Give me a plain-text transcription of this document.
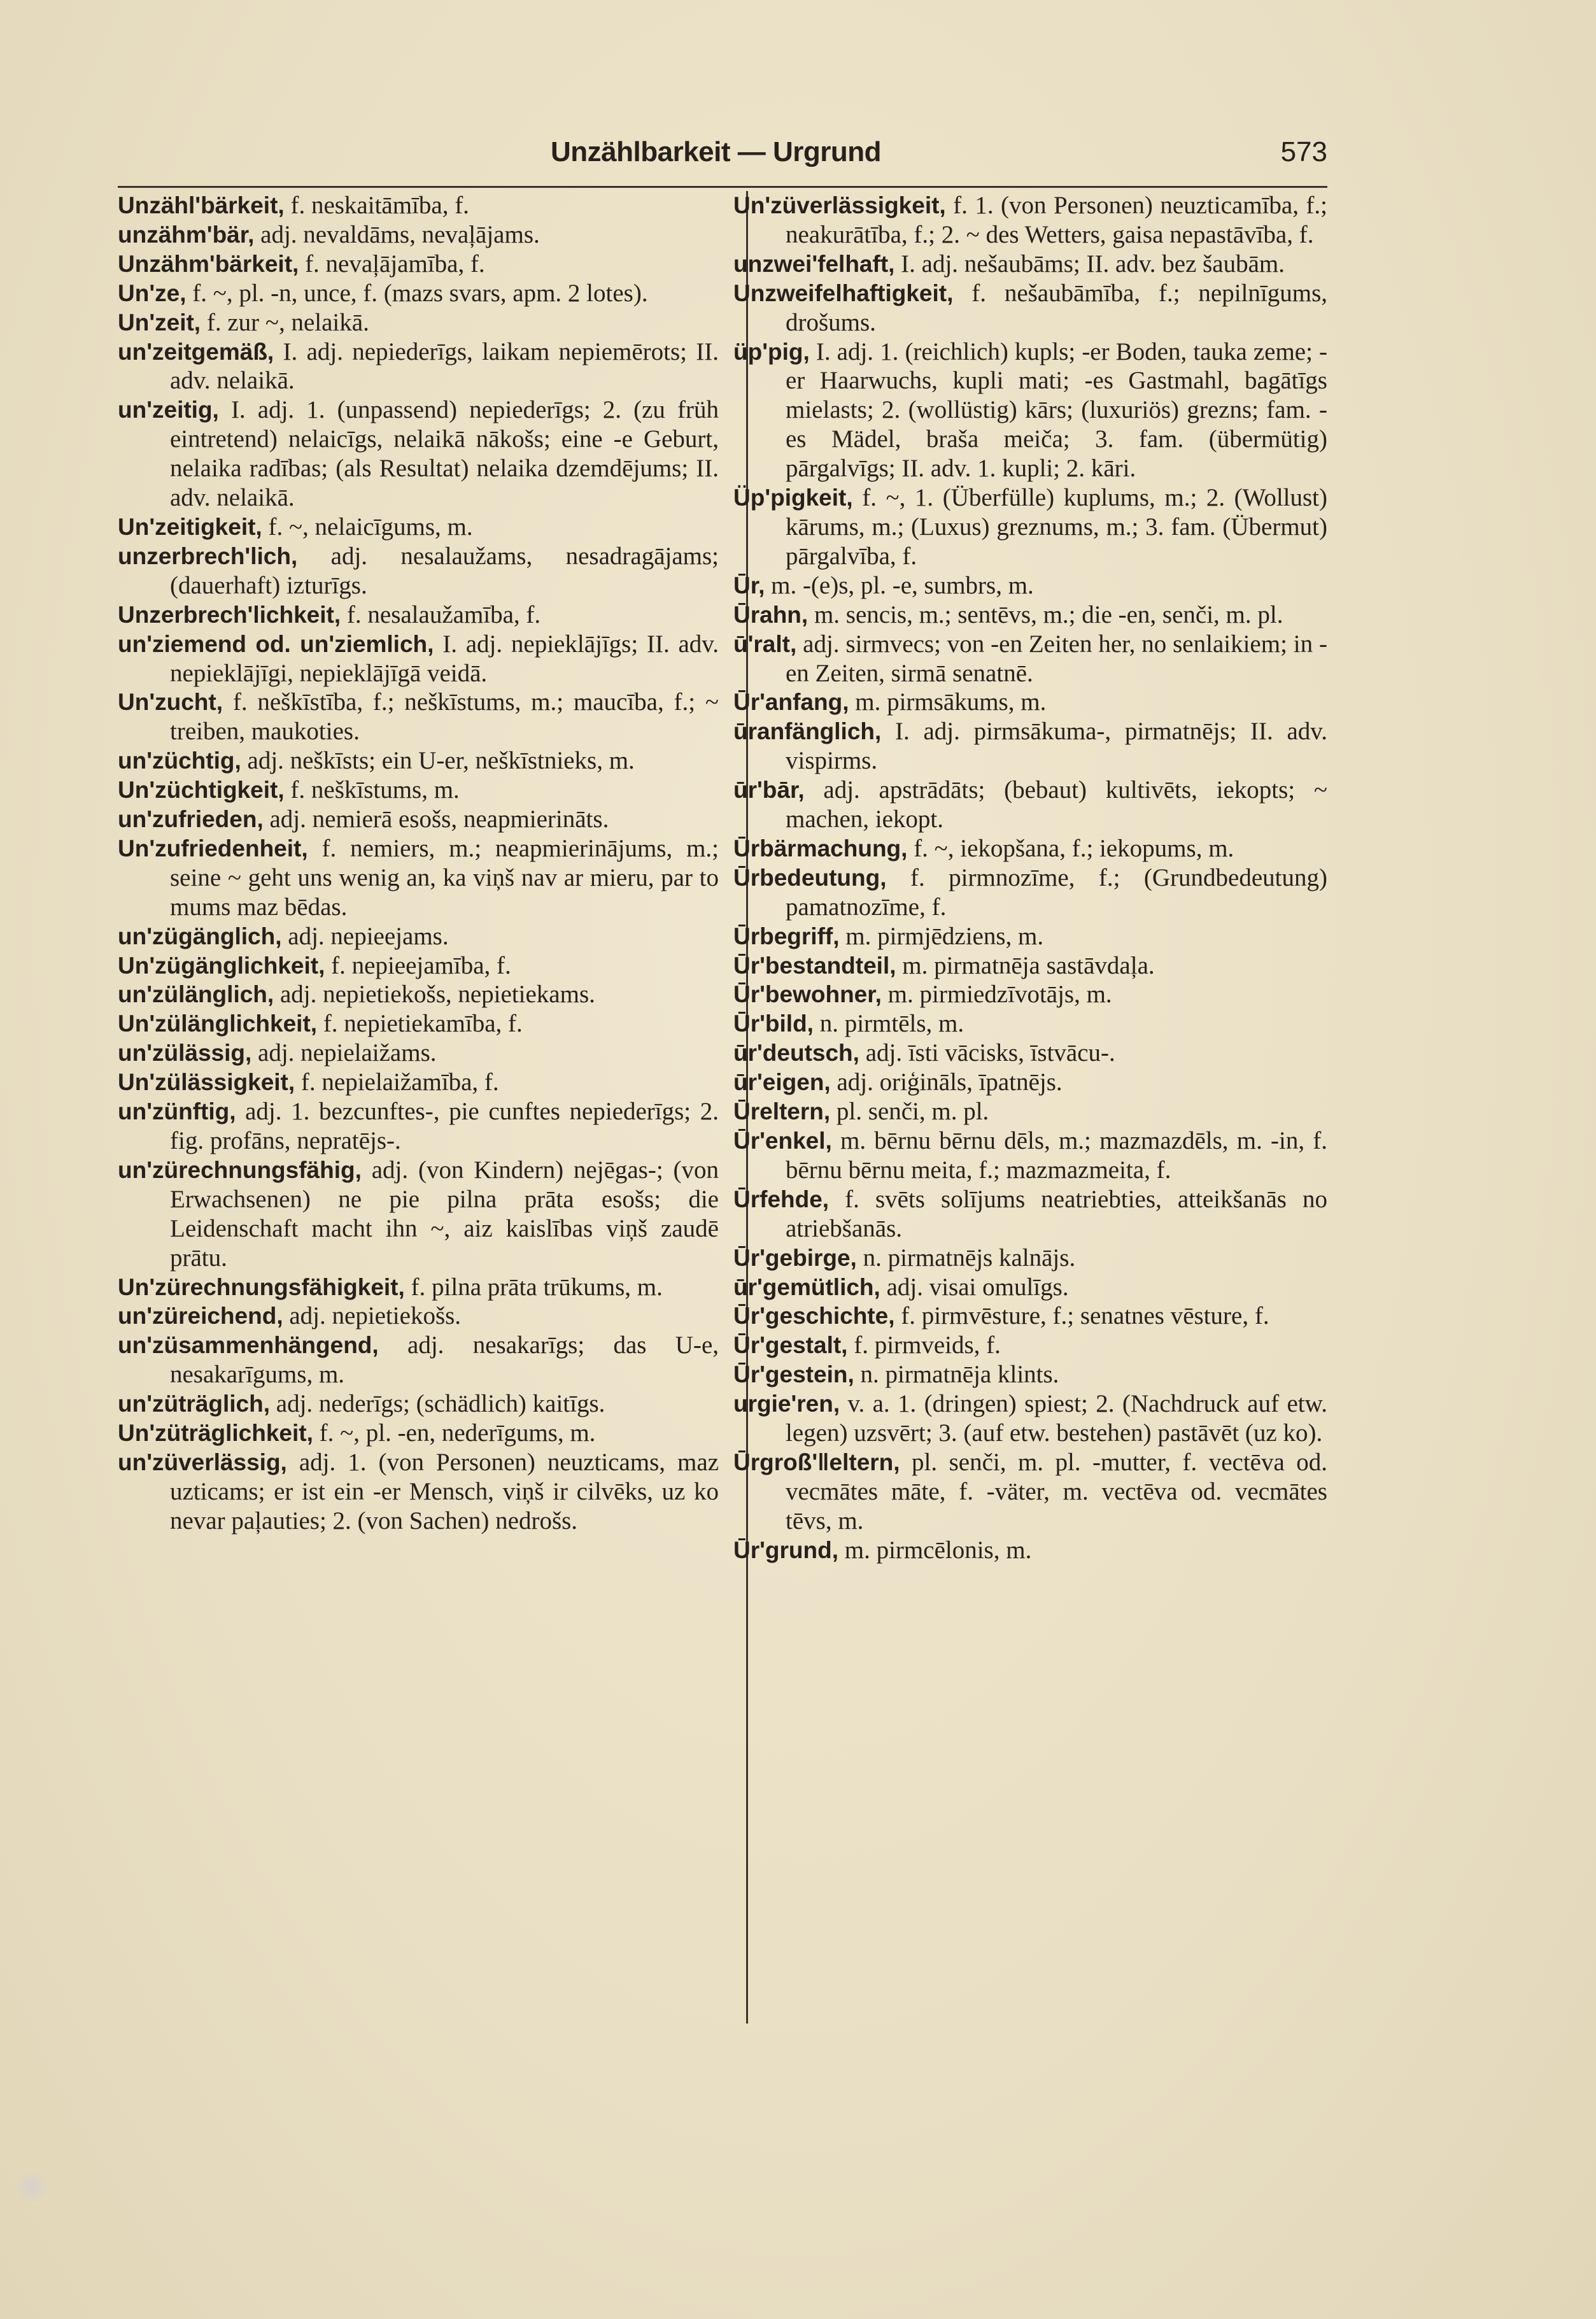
Unzählbarkeit — Urgrund	573
Unzähl'bärkeit, f. neskaitāmība, f.
unzähm'bär, adj. nevaldāms, nevaļājams.
Unzähm'bärkeit, f. nevaļājamība, f.
Un'ze, f. ~, pl. -n, unce, f. (mazs svars, apm. 2 lotes).
Un'zeit, f. zur ~, nelaikā.
un'zeitgemäß, I. adj. nepiederīgs, laikam nepiemērots; II. adv. nelaikā.
un'zeitig, I. adj. 1. (unpassend) nepiederīgs; 2. (zu früh eintretend) nelaicīgs, nelaikā nākošs; eine -e Geburt, nelaika radības; (als Resultat) nelaika dzemdējums; II. adv. nelaikā.
Un'zeitigkeit, f. ~, nelaicīgums, m.
unzerbrech'lich, adj. nesalaužams, nesadragājams; (dauerhaft) izturīgs.
Unzerbrech'lichkeit, f. nesalaužamība, f.
un'ziemend od. un'ziemlich, I. adj. nepieklājīgs; II. adv. nepieklājīgi, nepieklājīgā veidā.
Un'zucht, f. neškīstība, f.; neškīstums, m.; maucība, f.; ~ treiben, maukoties.
un'züchtig, adj. neškīsts; ein U-er, neškīstnieks, m.
Un'züchtigkeit, f. neškīstums, m.
un'zufrieden, adj. nemierā esošs, neapmierināts.
Un'zufriedenheit, f. nemiers, m.; neapmierinājums, m.; seine ~ geht uns wenig an, ka viņš nav ar mieru, par to mums maz bēdas.
un'zügänglich, adj. nepieejams.
Un'zügänglichkeit, f. nepieejamība, f.
un'zülänglich, adj. nepietiekošs, nepietiekams.
Un'zülänglichkeit, f. nepietiekamība, f.
un'zülässig, adj. nepielaižams.
Un'zülässigkeit, f. nepielaižamība, f.
un'zünftig, adj. 1. bezcunftes-, pie cunftes nepiederīgs; 2. fig. profāns, nepratējs-.
un'zürechnungsfähig, adj. (von Kindern) nejēgas-; (von Erwachsenen) ne pie pilna prāta esošs; die Leidenschaft macht ihn ~, aiz kaislības viņš zaudē prātu.
Un'zürechnungsfähigkeit, f. pilna prāta trūkums, m.
un'züreichend, adj. nepietiekošs.
un'züsammenhängend, adj. nesakarīgs; das U-e, nesakarīgums, m.
un'züträglich, adj. nederīgs; (schädlich) kaitīgs.
Un'züträglichkeit, f. ~, pl. -en, nederīgums, m.
un'züverlässig, adj. 1. (von Personen) neuzticams, maz uzticams; er ist ein -er Mensch, viņš ir cilvēks, uz ko nevar paļauties; 2. (von Sachen) nedrošs.
Un'züverlässigkeit, f. 1. (von Personen) neuzticamība, f.; neakurātība, f.; 2. ~ des Wetters, gaisa nepastāvība, f.
unzwei'felhaft, I. adj. nešaubāms; II. adv. bez šaubām.
Unzweifelhaftigkeit, f. nešaubāmība, f.; nepilnīgums, drošums.
üp'pig, I. adj. 1. (reichlich) kupls; -er Boden, tauka zeme; -er Haarwuchs, kupli mati; -es Gastmahl, bagātīgs mielasts; 2. (wollüstig) kārs; (luxuriös) grezns; fam. -es Mädel, braša meiča; 3. fam. (übermütig) pārgalvīgs; II. adv. 1. kupli; 2. kāri.
Üp'pigkeit, f. ~, 1. (Überfülle) kuplums, m.; 2. (Wollust) kārums, m.; (Luxus) greznums, m.; 3. fam. (Übermut) pārgalvība, f.
Ūr, m. -(e)s, pl. -e, sumbrs, m.
Ūrahn, m. sencis, m.; sentēvs, m.; die -en, senči, m. pl.
ū'ralt, adj. sirmvecs; von -en Zeiten her, no senlaikiem; in -en Zeiten, sirmā senatnē.
Ūr'anfang, m. pirmsākums, m.
ūranfänglich, I. adj. pirmsākuma-, pirmatnējs; II. adv. vispirms.
ūr'bār, adj. apstrādāts; (bebaut) kultivēts, iekopts; ~ machen, iekopt.
Ūrbärmachung, f. ~, iekopšana, f.; iekopums, m.
Ūrbedeutung, f. pirmnozīme, f.; (Grundbedeutung) pamatnozīme, f.
Ūrbegriff, m. pirmjēdziens, m.
Ūr'bestandteil, m. pirmatnēja sastāvdaļa.
Ūr'bewohner, m. pirmiedzīvotājs, m.
Ūr'bild, n. pirmtēls, m.
ūr'deutsch, adj. īsti vācisks, īstvācu-.
ūr'eigen, adj. oriģināls, īpatnējs.
Ūreltern, pl. senči, m. pl.
Ūr'enkel, m. bērnu bērnu dēls, m.; mazmazdēls, m. -in, f. bērnu bērnu meita, f.; mazmazmeita, f.
Ūrfehde, f. svēts solījums neatriebties, atteikšanās no atriebšanās.
Ūr'gebirge, n. pirmatnējs kalnājs.
ūr'gemütlich, adj. visai omulīgs.
Ūr'geschichte, f. pirmvēsture, f.; senatnes vēsture, f.
Ūr'gestalt, f. pirmveids, f.
Ūr'gestein, n. pirmatnēja klints.
urgie'ren, v. a. 1. (dringen) spiest; 2. (Nachdruck auf etw. legen) uzsvērt; 3. (auf etw. bestehen) pastāvēt (uz ko).
Ūrgroß'‖eltern, pl. senči, m. pl. -mutter, f. vectēva od. vecmātes māte, f. -väter, m. vectēva od. vecmātes tēvs, m.
Ūr'grund, m. pirmcēlonis, m.
